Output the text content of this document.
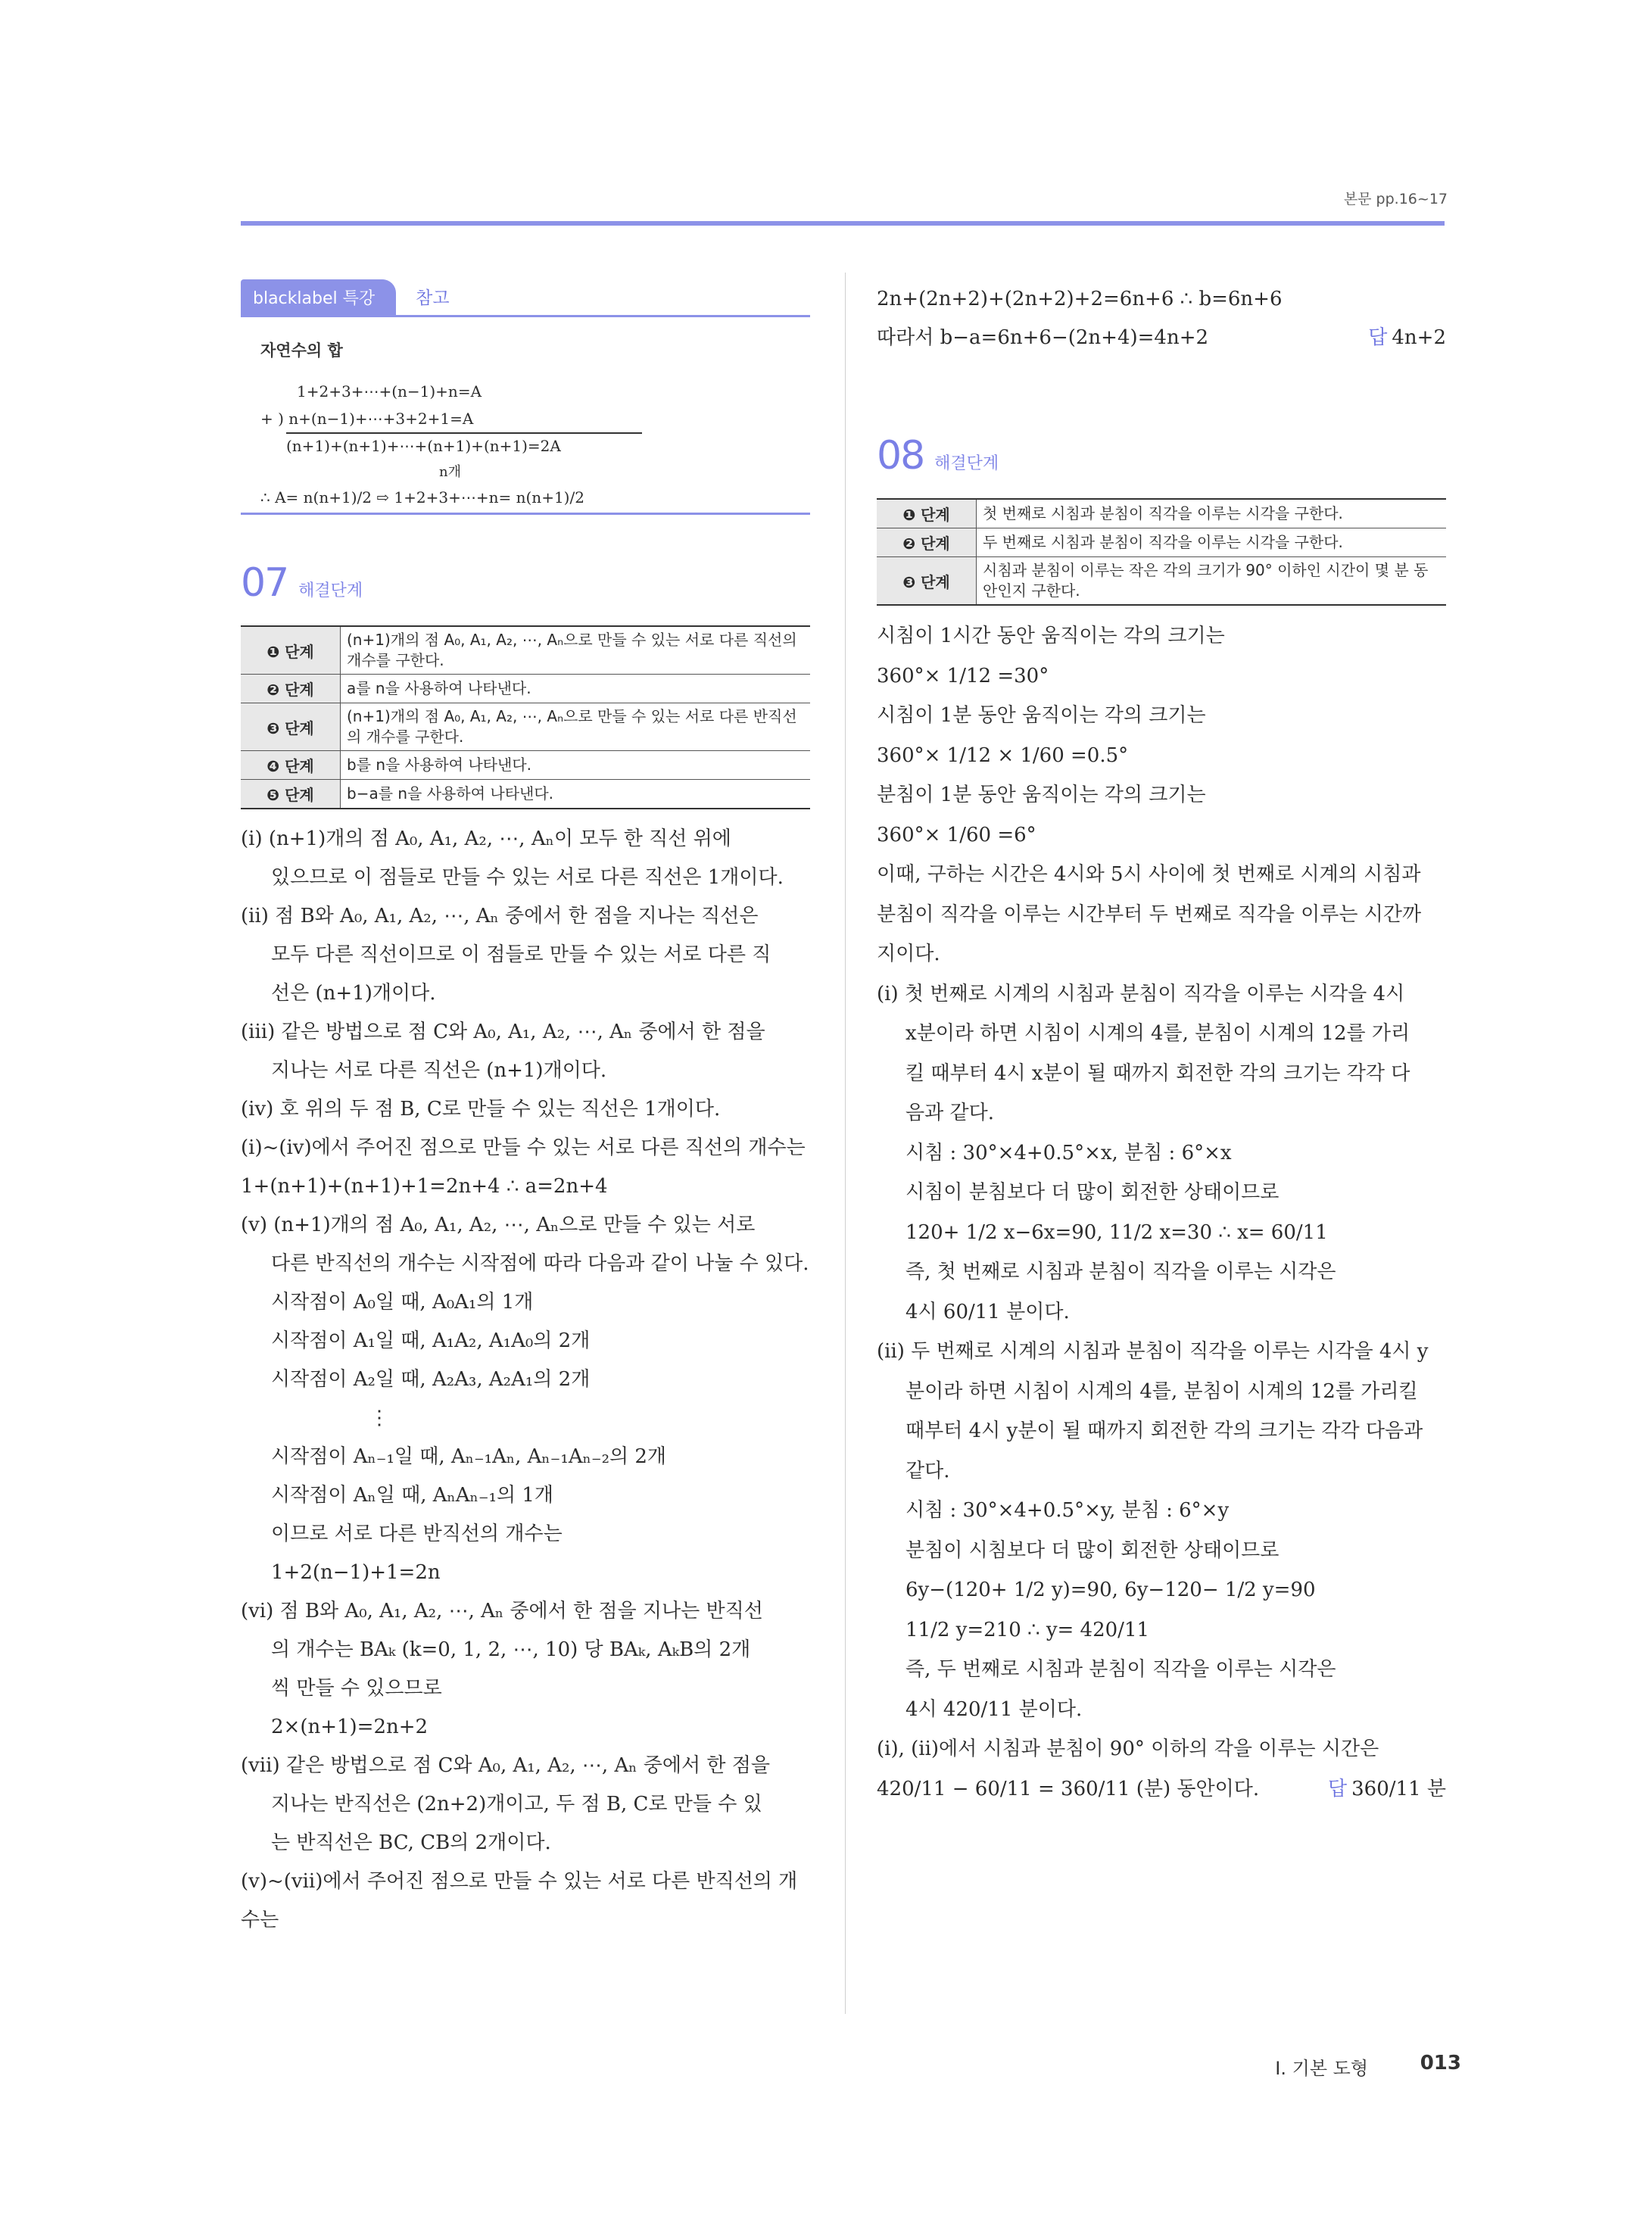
본문 pp.16~17
blacklabel 특강	참고
자연수의 합
1+2+3+⋯+(n−1)+n=A
+ ) n+(n−1)+⋯+3+2+1=A
(n+1)+(n+1)+⋯+(n+1)+(n+1)=2A
n개
∴ A= n(n+1)/2 ⇨ 1+2+3+⋯+n= n(n+1)/2
07 해결단계
❶ 단계	(n+1)개의 점 A₀, A₁, A₂, ⋯, Aₙ으로 만들 수 있는 서로 다른 직선의 개수를 구한다.
❷ 단계	a를 n을 사용하여 나타낸다.
❸ 단계	(n+1)개의 점 A₀, A₁, A₂, ⋯, Aₙ으로 만들 수 있는 서로 다른 반직선의 개수를 구한다.
❹ 단계	b를 n을 사용하여 나타낸다.
❺ 단계	b−a를 n을 사용하여 나타낸다.
(ⅰ) (n+1)개의 점 A₀, A₁, A₂, ⋯, Aₙ이 모두 한 직선 위에
있으므로 이 점들로 만들 수 있는 서로 다른 직선은 1개이다.
(ⅱ) 점 B와 A₀, A₁, A₂, ⋯, Aₙ 중에서 한 점을 지나는 직선은
모두 다른 직선이므로 이 점들로 만들 수 있는 서로 다른 직
선은 (n+1)개이다.
(ⅲ) 같은 방법으로 점 C와 A₀, A₁, A₂, ⋯, Aₙ 중에서 한 점을
지나는 서로 다른 직선은 (n+1)개이다.
(ⅳ) 호 위의 두 점 B, C로 만들 수 있는 직선은 1개이다.
(ⅰ)~(ⅳ)에서 주어진 점으로 만들 수 있는 서로 다른 직선의 개수는
1+(n+1)+(n+1)+1=2n+4 ∴ a=2n+4
(ⅴ) (n+1)개의 점 A₀, A₁, A₂, ⋯, Aₙ으로 만들 수 있는 서로
다른 반직선의 개수는 시작점에 따라 다음과 같이 나눌 수 있다.
시작점이 A₀일 때, A₀A₁의 1개
시작점이 A₁일 때, A₁A₂, A₁A₀의 2개
시작점이 A₂일 때, A₂A₃, A₂A₁의 2개
⋮
시작점이 Aₙ₋₁일 때, Aₙ₋₁Aₙ, Aₙ₋₁Aₙ₋₂의 2개
시작점이 Aₙ일 때, AₙAₙ₋₁의 1개
이므로 서로 다른 반직선의 개수는
1+2(n−1)+1=2n
(ⅵ) 점 B와 A₀, A₁, A₂, ⋯, Aₙ 중에서 한 점을 지나는 반직선
의 개수는 BAₖ (k=0, 1, 2, ⋯, 10) 당 BAₖ, AₖB의 2개
씩 만들 수 있으므로
2×(n+1)=2n+2
(ⅶ) 같은 방법으로 점 C와 A₀, A₁, A₂, ⋯, Aₙ 중에서 한 점을
지나는 반직선은 (2n+2)개이고, 두 점 B, C로 만들 수 있
는 반직선은 BC, CB의 2개이다.
(ⅴ)~(ⅶ)에서 주어진 점으로 만들 수 있는 서로 다른 반직선의 개
수는
2n+(2n+2)+(2n+2)+2=6n+6 ∴ b=6n+6
따라서 b−a=6n+6−(2n+4)=4n+2	답 4n+2
08 해결단계
❶ 단계	첫 번째로 시침과 분침이 직각을 이루는 시각을 구한다.
❷ 단계	두 번째로 시침과 분침이 직각을 이루는 시각을 구한다.
❸ 단계	시침과 분침이 이루는 작은 각의 크기가 90° 이하인 시간이 몇 분 동안인지 구한다.
시침이 1시간 동안 움직이는 각의 크기는
360°× 1/12 =30°
시침이 1분 동안 움직이는 각의 크기는
360°× 1/12 × 1/60 =0.5°
분침이 1분 동안 움직이는 각의 크기는
360°× 1/60 =6°
이때, 구하는 시간은 4시와 5시 사이에 첫 번째로 시계의 시침과
분침이 직각을 이루는 시간부터 두 번째로 직각을 이루는 시간까
지이다.
(ⅰ) 첫 번째로 시계의 시침과 분침이 직각을 이루는 시각을 4시
x분이라 하면 시침이 시계의 4를, 분침이 시계의 12를 가리
킬 때부터 4시 x분이 될 때까지 회전한 각의 크기는 각각 다
음과 같다.
시침 : 30°×4+0.5°×x, 분침 : 6°×x
시침이 분침보다 더 많이 회전한 상태이므로
120+ 1/2 x−6x=90, 11/2 x=30 ∴ x= 60/11
즉, 첫 번째로 시침과 분침이 직각을 이루는 시각은
4시 60/11 분이다.
(ⅱ) 두 번째로 시계의 시침과 분침이 직각을 이루는 시각을 4시 y
분이라 하면 시침이 시계의 4를, 분침이 시계의 12를 가리킬
때부터 4시 y분이 될 때까지 회전한 각의 크기는 각각 다음과
같다.
시침 : 30°×4+0.5°×y, 분침 : 6°×y
분침이 시침보다 더 많이 회전한 상태이므로
6y−(120+ 1/2 y)=90, 6y−120− 1/2 y=90
11/2 y=210 ∴ y= 420/11
즉, 두 번째로 시침과 분침이 직각을 이루는 시각은
4시 420/11 분이다.
(ⅰ), (ⅱ)에서 시침과 분침이 90° 이하의 각을 이루는 시간은
420/11 − 60/11 = 360/11 (분) 동안이다.	답 360/11 분
Ⅰ. 기본 도형	013
